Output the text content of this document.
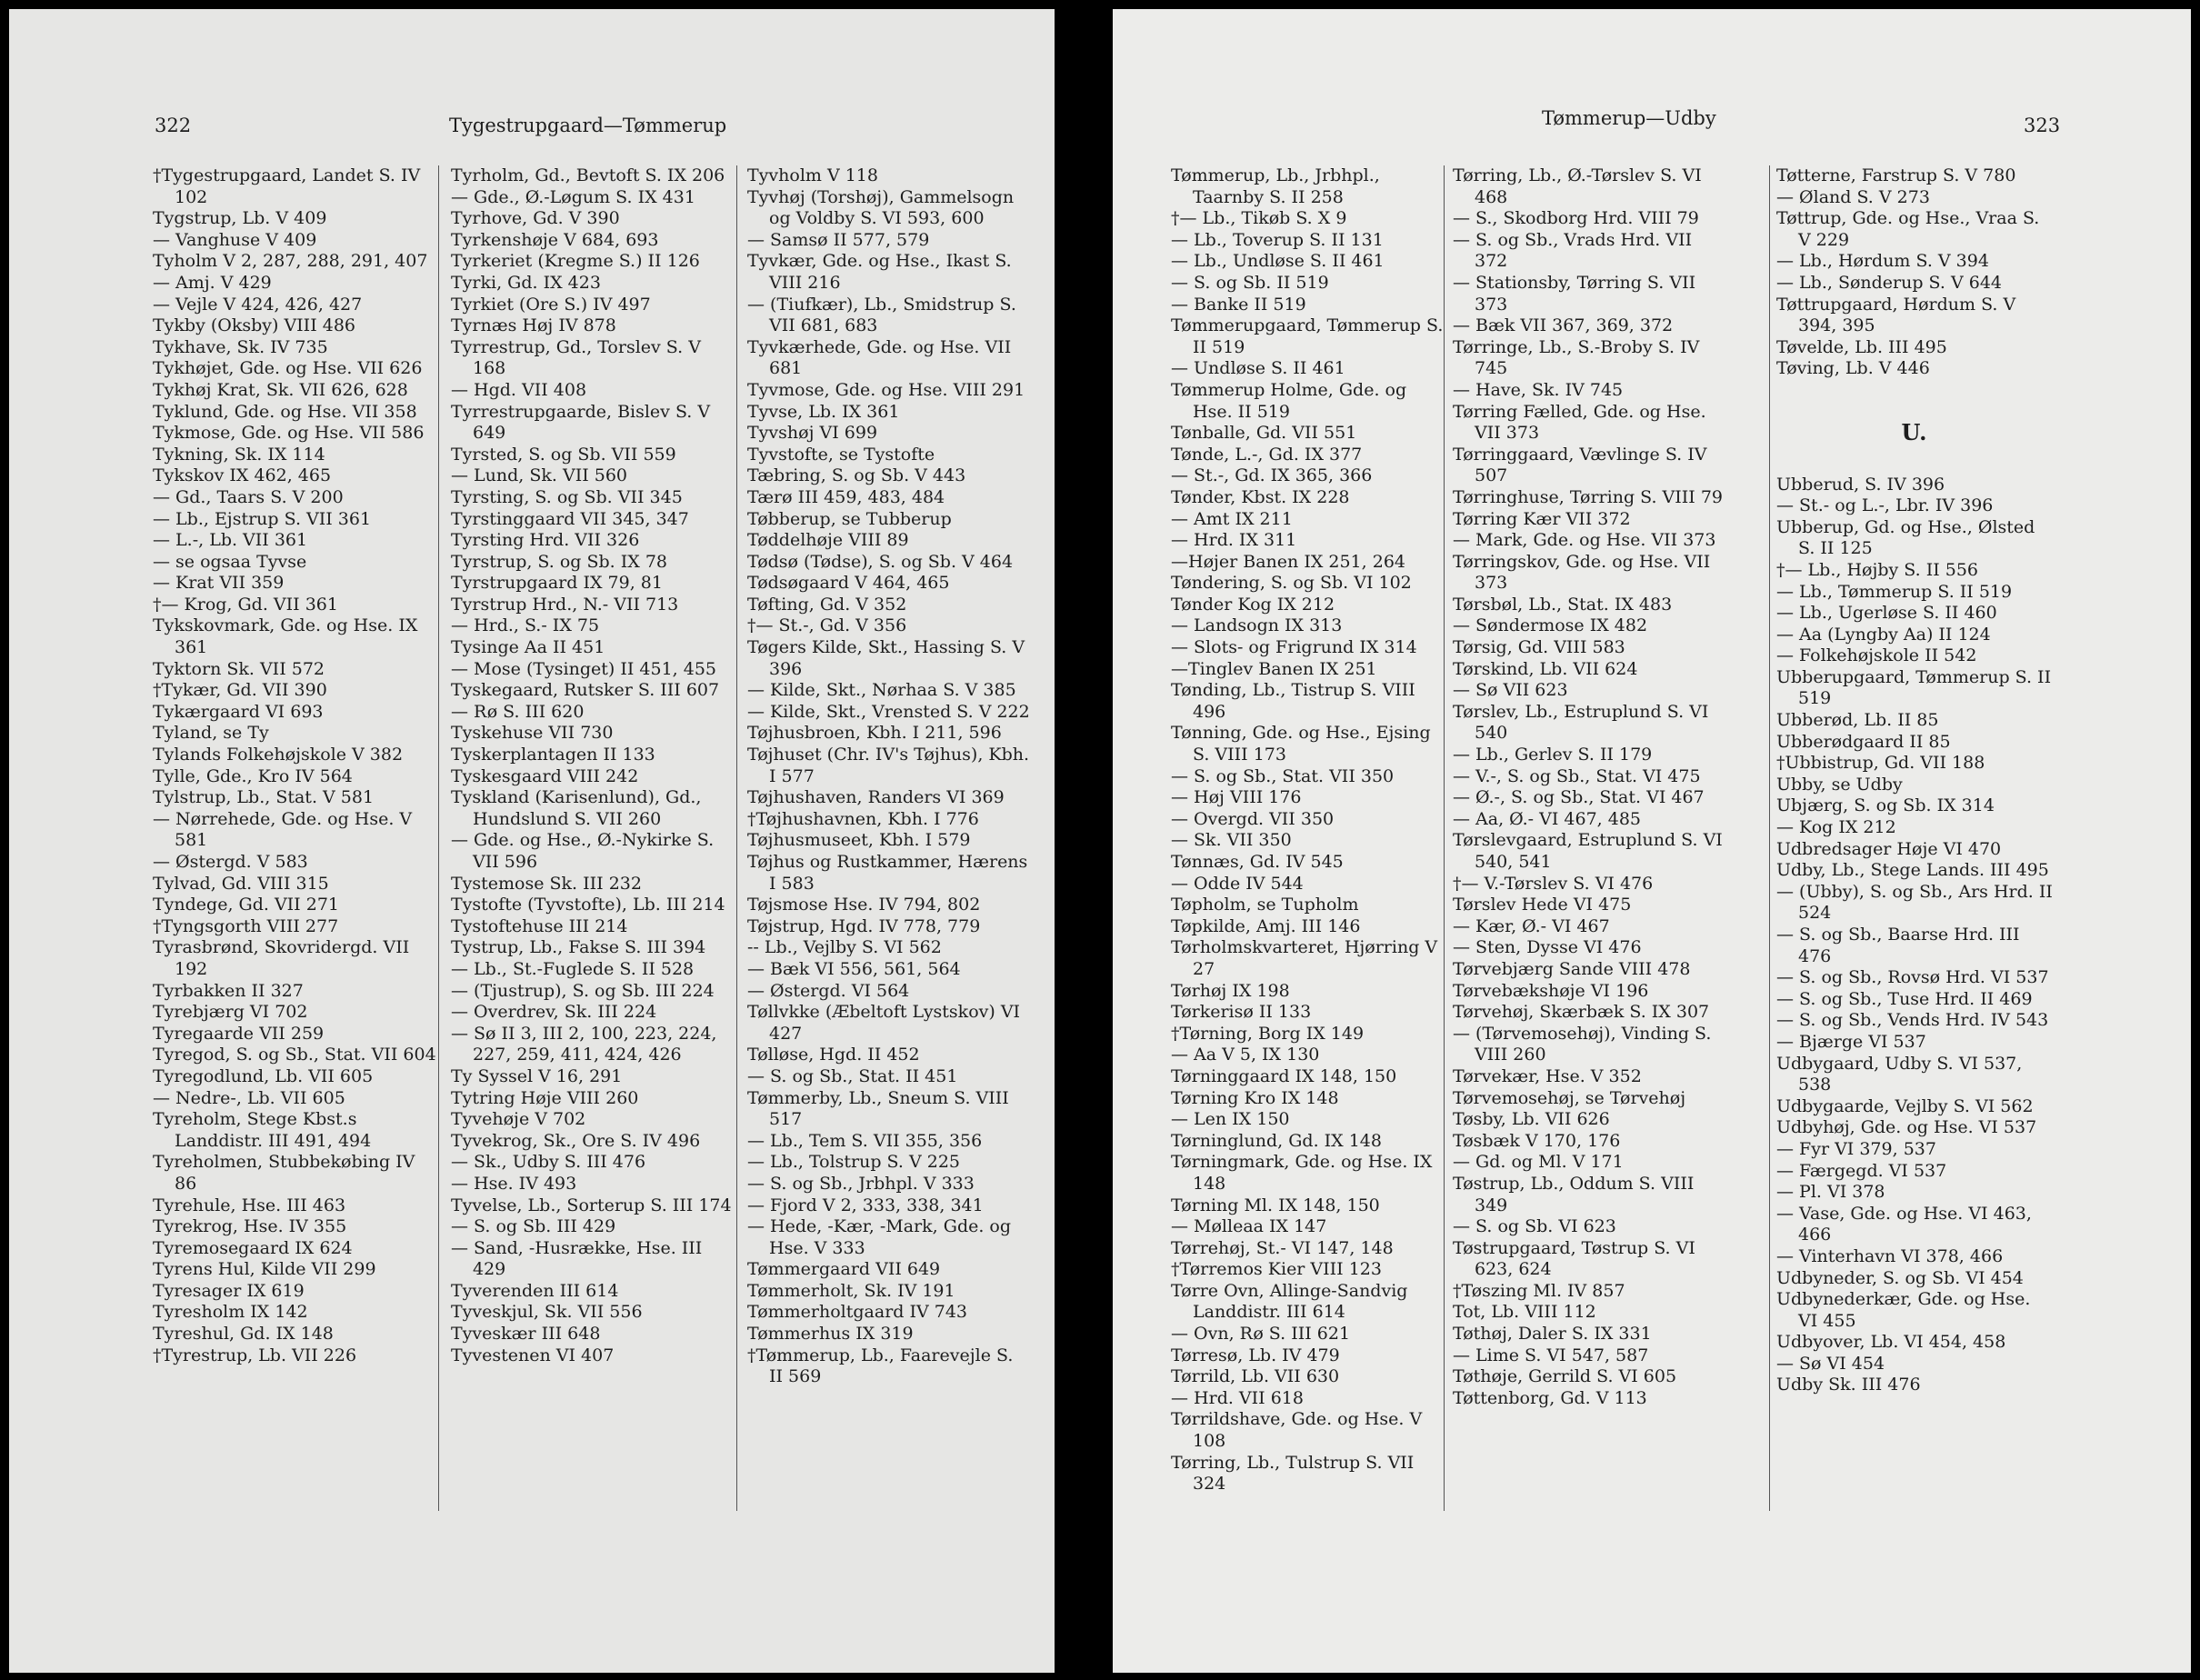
322	Tygestrupgaard—Tømmerup

†Tygestrupgaard, Landet S. IV 102

Tygstrup, Lb. V 409

— Vanghuse V 409

Tyholm V 2, 287, 288, 291, 407

— Amj. V 429

— Vejle V 424, 426, 427

Tykby (Oksby) VIII 486

Tykhave, Sk. IV 735

Tykhøjet, Gde. og Hse. VII 626

Tykhøj Krat, Sk. VII 626, 628

Tyklund, Gde. og Hse. VII 358

Tykmose, Gde. og Hse. VII 586

Tykning, Sk. IX 114

Tykskov IX 462, 465

— Gd., Taars S. V 200

— Lb., Ejstrup S. VII 361

— L.-, Lb. VII 361

— se ogsaa Tyvse

— Krat VII 359

†— Krog, Gd. VII 361

Tykskovmark, Gde. og Hse. IX 361

Tyktorn Sk. VII 572

†Tykær, Gd. VII 390

Tykærgaard VI 693

Tyland, se Ty

Tylands Folkehøjskole V 382

Tylle, Gde., Kro IV 564

Tylstrup, Lb., Stat. V 581

— Nørrehede, Gde. og Hse. V 581

— Østergd. V 583

Tylvad, Gd. VIII 315

Tyndege, Gd. VII 271

†Tyngsgorth VIII 277

Tyrasbrønd, Skovridergd. VII 192

Tyrbakken II 327

Tyrebjærg VI 702

Tyregaarde VII 259

Tyregod, S. og Sb., Stat. VII 604

Tyregodlund, Lb. VII 605

— Nedre-, Lb. VII 605

Tyreholm, Stege Kbst.s Landdistr. III 491, 494

Tyreholmen, Stubbekøbing IV 86

Tyrehule, Hse. III 463

Tyrekrog, Hse. IV 355

Tyremosegaard IX 624

Tyrens Hul, Kilde VII 299

Tyresager IX 619

Tyresholm IX 142

Tyreshul, Gd. IX 148

†Tyrestrup, Lb. VII 226

Tyrholm, Gd., Bevtoft S. IX 206

— Gde., Ø.-Løgum S. IX 431

Tyrhove, Gd. V 390

Tyrkenshøje V 684, 693

Tyrkeriet (Kregme S.) II 126

Tyrki, Gd. IX 423

Tyrkiet (Ore S.) IV 497

Tyrnæs Høj IV 878

Tyrrestrup, Gd., Torslev S. V 168

— Hgd. VII 408

Tyrrestrupgaarde, Bislev S. V 649

Tyrsted, S. og Sb. VII 559

— Lund, Sk. VII 560

Tyrsting, S. og Sb. VII 345

Tyrstinggaard VII 345, 347

Tyrsting Hrd. VII 326

Tyrstrup, S. og Sb. IX 78

Tyrstrupgaard IX 79, 81

Tyrstrup Hrd., N.- VII 713

— Hrd., S.- IX 75

Tysinge Aa II 451

— Mose (Tysinget) II 451, 455

Tyskegaard, Rutsker S. III 607

— Rø S. III 620

Tyskehuse VII 730

Tyskerplantagen II 133

Tyskesgaard VIII 242

Tyskland (Karisenlund), Gd., Hundslund S. VII 260

— Gde. og Hse., Ø.-Nykirke S. VII 596

Tystemose Sk. III 232

Tystofte (Tyvstofte), Lb. III 214

Tystoftehuse III 214

Tystrup, Lb., Fakse S. III 394

— Lb., St.-Fuglede S. II 528

— (Tjustrup), S. og Sb. III 224

— Overdrev, Sk. III 224

— Sø II 3, III 2, 100, 223, 224, 227, 259, 411, 424, 426

Ty Syssel V 16, 291

Tytring Høje VIII 260

Tyvehøje V 702

Tyvekrog, Sk., Ore S. IV 496

— Sk., Udby S. III 476

— Hse. IV 493

Tyvelse, Lb., Sorterup S. III 174

— S. og Sb. III 429

— Sand, -Husrække, Hse. III 429

Tyverenden III 614

Tyveskjul, Sk. VII 556

Tyveskær III 648

Tyvestenen VI 407

Tyvholm V 118

Tyvhøj (Torshøj), Gammelsogn og Voldby S. VI 593, 600

— Samsø II 577, 579

Tyvkær, Gde. og Hse., Ikast S. VIII 216

— (Tiufkær), Lb., Smidstrup S. VII 681, 683

Tyvkærhede, Gde. og Hse. VII 681

Tyvmose, Gde. og Hse. VIII 291

Tyvse, Lb. IX 361

Tyvshøj VI 699

Tyvstofte, se Tystofte

Tæbring, S. og Sb. V 443

Tærø III 459, 483, 484

Tøbberup, se Tubberup

Tøddelhøje VIII 89

Tødsø (Tødse), S. og Sb. V 464

Tødsøgaard V 464, 465

Tøfting, Gd. V 352

†— St.-, Gd. V 356

Tøgers Kilde, Skt., Hassing S. V 396

— Kilde, Skt., Nørhaa S. V 385

— Kilde, Skt., Vrensted S. V 222

Tøjhusbroen, Kbh. I 211, 596

Tøjhuset (Chr. IV's Tøjhus), Kbh. I 577

Tøjhushaven, Randers VI 369

†Tøjhushavnen, Kbh. I 776

Tøjhusmuseet, Kbh. I 579

Tøjhus og Rustkammer, Hærens I 583

Tøjsmose Hse. IV 794, 802

Tøjstrup, Hgd. IV 778, 779

-- Lb., Vejlby S. VI 562

— Bæk VI 556, 561, 564

— Østergd. VI 564

Tøllvkke (Æbeltoft Lystskov) VI 427

Tølløse, Hgd. II 452

— S. og Sb., Stat. II 451

Tømmerby, Lb., Sneum S. VIII 517

— Lb., Tem S. VII 355, 356

— Lb., Tolstrup S. V 225

— S. og Sb., Jrbhpl. V 333

— Fjord V 2, 333, 338, 341

— Hede, -Kær, -Mark, Gde. og Hse. V 333

Tømmergaard VII 649

Tømmerholt, Sk. IV 191

Tømmerholtgaard IV 743

Tømmerhus IX 319

†Tømmerup, Lb., Faarevejle S. II 569

Tømmerup—Udby	323

Tømmerup, Lb., Jrbhpl., Taarnby S. II 258

†— Lb., Tikøb S. X 9

— Lb., Toverup S. II 131

— Lb., Undløse S. II 461

— S. og Sb. II 519

— Banke II 519

Tømmerupgaard, Tømmerup S. II 519

— Undløse S. II 461

Tømmerup Holme, Gde. og Hse. II 519

Tønballe, Gd. VII 551

Tønde, L.-, Gd. IX 377

— St.-, Gd. IX 365, 366

Tønder, Kbst. IX 228

— Amt IX 211

— Hrd. IX 311

—Højer Banen IX 251, 264

Tøndering, S. og Sb. VI 102

Tønder Kog IX 212

— Landsogn IX 313

— Slots- og Frigrund IX 314

—Tinglev Banen IX 251

Tønding, Lb., Tistrup S. VIII 496

Tønning, Gde. og Hse., Ejsing S. VIII 173

— S. og Sb., Stat. VII 350

— Høj VIII 176

— Overgd. VII 350

— Sk. VII 350

Tønnæs, Gd. IV 545

— Odde IV 544

Tøpholm, se Tupholm

Tøpkilde, Amj. III 146

Tørholmskvarteret, Hjørring V 27

Tørhøj IX 198

Tørkerisø II 133

†Tørning, Borg IX 149

— Aa V 5, IX 130

Tørninggaard IX 148, 150

Tørning Kro IX 148

— Len IX 150

Tørninglund, Gd. IX 148

Tørningmark, Gde. og Hse. IX 148

Tørning Ml. IX 148, 150

— Mølleaa IX 147

Tørrehøj, St.- VI 147, 148

†Tørremos Kier VIII 123

Tørre Ovn, Allinge-Sandvig Landdistr. III 614

— Ovn, Rø S. III 621

Tørresø, Lb. IV 479

Tørrild, Lb. VII 630

— Hrd. VII 618

Tørrildshave, Gde. og Hse. V 108

Tørring, Lb., Tulstrup S. VII 324

Tørring, Lb., Ø.-Tørslev S. VI 468

— S., Skodborg Hrd. VIII 79

— S. og Sb., Vrads Hrd. VII 372

— Stationsby, Tørring S. VII 373

— Bæk VII 367, 369, 372

Tørringe, Lb., S.-Broby S. IV 745

— Have, Sk. IV 745

Tørring Fælled, Gde. og Hse. VII 373

Tørringgaard, Vævlinge S. IV 507

Tørringhuse, Tørring S. VIII 79

Tørring Kær VII 372

— Mark, Gde. og Hse. VII 373

Tørringskov, Gde. og Hse. VII 373

Tørsbøl, Lb., Stat. IX 483

— Søndermose IX 482

Tørsig, Gd. VIII 583

Tørskind, Lb. VII 624

— Sø VII 623

Tørslev, Lb., Estruplund S. VI 540

— Lb., Gerlev S. II 179

— V.-, S. og Sb., Stat. VI 475

— Ø.-, S. og Sb., Stat. VI 467

— Aa, Ø.- VI 467, 485

Tørslevgaard, Estruplund S. VI 540, 541

†— V.-Tørslev S. VI 476

Tørslev Hede VI 475

— Kær, Ø.- VI 467

— Sten, Dysse VI 476

Tørvebjærg Sande VIII 478

Tørvebækshøje VI 196

Tørvehøj, Skærbæk S. IX 307

— (Tørvemosehøj), Vinding S. VIII 260

Tørvekær, Hse. V 352

Tørvemosehøj, se Tørvehøj

Tøsby, Lb. VII 626

Tøsbæk V 170, 176

— Gd. og Ml. V 171

Tøstrup, Lb., Oddum S. VIII 349

— S. og Sb. VI 623

Tøstrupgaard, Tøstrup S. VI 623, 624

†Tøszing Ml. IV 857

Tot, Lb. VIII 112

Tøthøj, Daler S. IX 331

— Lime S. VI 547, 587

Tøthøje, Gerrild S. VI 605

Tøttenborg, Gd. V 113

Tøtterne, Farstrup S. V 780

— Øland S. V 273

Tøttrup, Gde. og Hse., Vraa S. V 229

— Lb., Hørdum S. V 394

— Lb., Sønderup S. V 644

Tøttrupgaard, Hørdum S. V 394, 395

Tøvelde, Lb. III 495

Tøving, Lb. V 446

U.

Ubberud, S. IV 396

— St.- og L.-, Lbr. IV 396

Ubberup, Gd. og Hse., Ølsted S. II 125

†— Lb., Højby S. II 556

— Lb., Tømmerup S. II 519

— Lb., Ugerløse S. II 460

— Aa (Lyngby Aa) II 124

— Folkehøjskole II 542

Ubberupgaard, Tømmerup S. II 519

Ubberød, Lb. II 85

Ubberødgaard II 85

†Ubbistrup, Gd. VII 188

Ubby, se Udby

Ubjærg, S. og Sb. IX 314

— Kog IX 212

Udbredsager Høje VI 470

Udby, Lb., Stege Lands. III 495

— (Ubby), S. og Sb., Ars Hrd. II 524

— S. og Sb., Baarse Hrd. III 476

— S. og Sb., Rovsø Hrd. VI 537

— S. og Sb., Tuse Hrd. II 469

— S. og Sb., Vends Hrd. IV 543

— Bjærge VI 537

Udbygaard, Udby S. VI 537, 538

Udbygaarde, Vejlby S. VI 562

Udbyhøj, Gde. og Hse. VI 537

— Fyr VI 379, 537

— Færgegd. VI 537

— Pl. VI 378

— Vase, Gde. og Hse. VI 463, 466

— Vinterhavn VI 378, 466

Udbyneder, S. og Sb. VI 454

Udbynederkær, Gde. og Hse. VI 455

Udbyover, Lb. VI 454, 458

— Sø VI 454

Udby Sk. III 476
